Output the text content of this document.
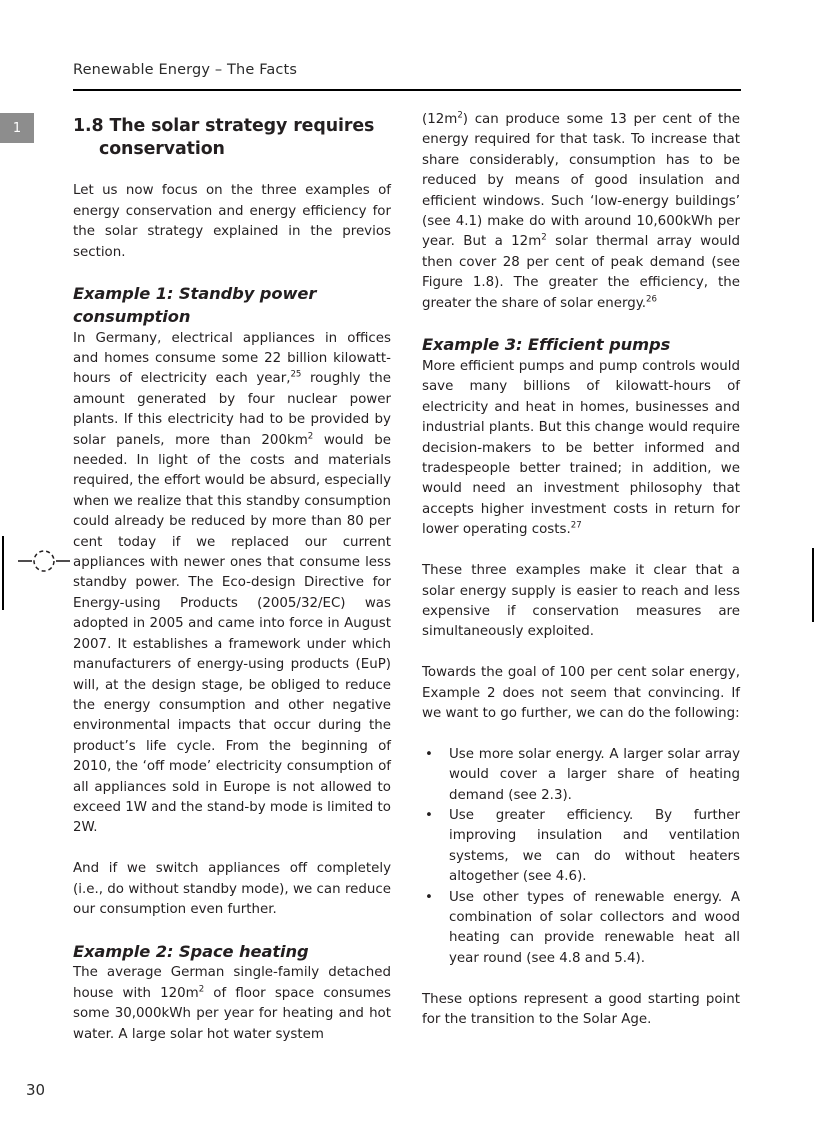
Renewable Energy – The Facts
1	1.8 The solar strategy requires
conservation

Let us now focus on the three examples of energy conservation and energy efficiency for the solar strategy explained in the previos section.

Example 1: Standby power consumption

In Germany, electrical appliances in offices and homes consume some 22 billion kilowatt-hours of electricity each year,$^{25}$ roughly the amount generated by four nuclear power plants. If this electricity had to be provided by solar panels, more than $200km^2$ would be needed. In light of the costs and materials required, the effort would be absurd, especially when we realize that this standby consumption could already be reduced by more than 80 per cent today if we replaced our current appliances with newer ones that consume less standby power. The Eco-design Directive for Energy-using Products (2005/32/EC) was adopted in 2005 and came into force in August 2007. It establishes a framework under which manufacturers of energy-using products (EuP) will, at the design stage, be obliged to reduce the energy consumption and other negative environmental impacts that occur during the product’s life cycle. From the beginning of 2010, the ‘off mode’ electricity consumption of all appliances sold in Europe is not allowed to exceed 1W and the stand-by mode is limited to 2W.

And if we switch appliances off completely (i.e., do without standby mode), we can reduce our consumption even further.

Example 2: Space heating

The average German single-family detached house with $120m^2$ of floor space consumes some 30,000kWh per year for heating and hot water. A large solar hot water system

$(12m^2)$ can produce some 13 per cent of the energy required for that task. To increase that share considerably, consumption has to be reduced by means of good insulation and efficient windows. Such ‘low-energy buildings’ (see 4.1) make do with around 10,600kWh per year. But a $12m^2$ solar thermal array would then cover 28 per cent of peak demand (see Figure 1.8). The greater the efficiency, the greater the share of solar energy.$^{26}$

Example 3: Efficient pumps

More efficient pumps and pump controls would save many billions of kilowatt-hours of electricity and heat in homes, businesses and industrial plants. But this change would require decision-makers to be better informed and tradespeople better trained; in addition, we would need an investment philosophy that accepts higher investment costs in return for lower operating costs.$^{27}$

These three examples make it clear that a solar energy supply is easier to reach and less expensive if conservation measures are simultaneously exploited.

Towards the goal of 100 per cent solar energy, Example 2 does not seem that convincing. If we want to go further, we can do the following:

• Use more solar energy. A larger solar array would cover a larger share of heating demand (see 2.3).
• Use greater efficiency. By further improving insulation and ventilation systems, we can do without heaters altogether (see 4.6).
• Use other types of renewable energy. A combination of solar collectors and wood heating can provide renewable heat all year round (see 4.8 and 5.4).

These options represent a good starting point for the transition to the Solar Age.

30
